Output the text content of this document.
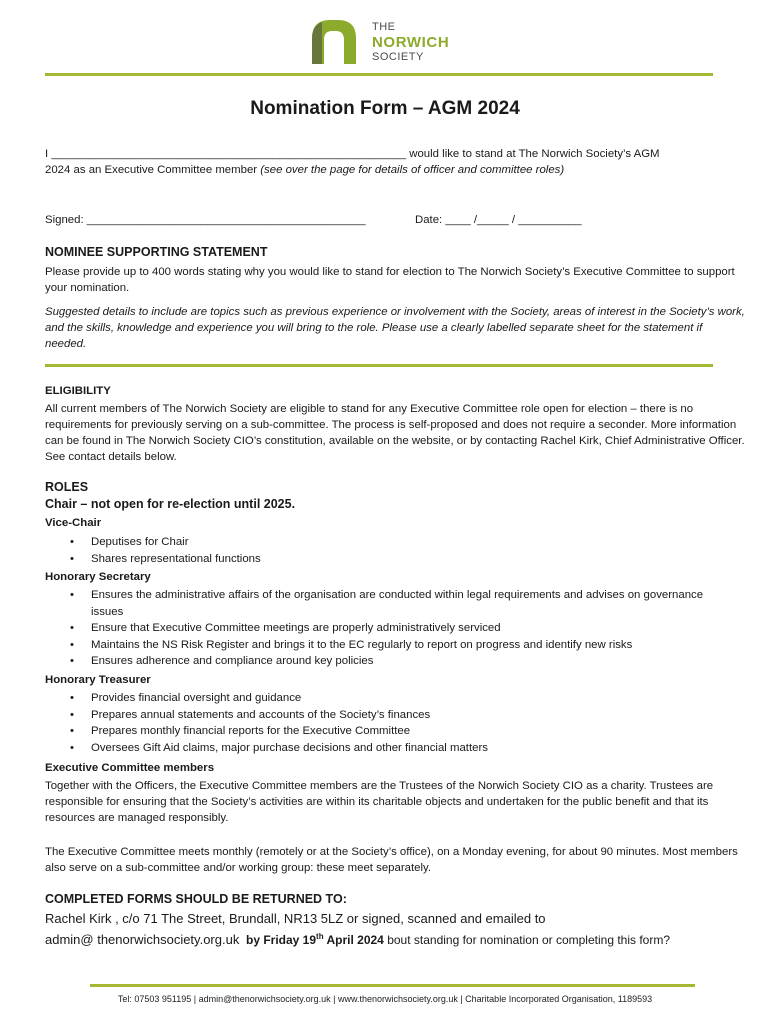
THE
NORWICH
SOCIETY
Nomination Form – AGM 2024

I ________________________________________________________ would like to stand at The Norwich Society’s AGM

2024 as an Executive Committee member (see over the page for details of officer and committee roles)

Signed: ____________________________________________	Date: ____ /_____ / __________

NOMINEE SUPPORTING STATEMENT

Please provide up to 400 words stating why you would like to stand for election to The Norwich Society’s Executive Committee to support your nomination.

Suggested details to include are topics such as previous experience or involvement with the Society, areas of interest in the Society’s work, and the skills, knowledge and experience you will bring to the role. Please use a clearly labelled separate sheet for the statement if needed.

ELIGIBILITY

All current members of The Norwich Society are eligible to stand for any Executive Committee role open for election – there is no requirements for previously serving on a sub-committee. The process is self-proposed and does not require a seconder. More information can be found in The Norwich Society CIO’s constitution, available on the website, or by contacting Rachel Kirk, Chief Administrative Officer. See contact details below.

ROLES
Chair – not open for re-election until 2025.
Vice-Chair
• Deputises for Chair
• Shares representational functions
Honorary Secretary
• Ensures the administrative affairs of the organisation are conducted within legal requirements and advises on governance issues
• Ensure that Executive Committee meetings are properly administratively serviced
• Maintains the NS Risk Register and brings it to the EC regularly to report on progress and identify new risks
• Ensures adherence and compliance around key policies
Honorary Treasurer
• Provides financial oversight and guidance
• Prepares annual statements and accounts of the Society’s finances
• Prepares monthly financial reports for the Executive Committee
• Oversees Gift Aid claims, major purchase decisions and other financial matters
Executive Committee members

Together with the Officers, the Executive Committee members are the Trustees of the Norwich Society CIO as a charity. Trustees are responsible for ensuring that the Society’s activities are within its charitable objects and undertaken for the public benefit and that its resources are managed responsibly.

The Executive Committee meets monthly (remotely or at the Society’s office), on a Monday evening, for about 90 minutes. Most members also serve on a sub-committee and/or working group: these meet separately.

COMPLETED FORMS SHOULD BE RETURNED TO:
Rachel Kirk , c/o 71 The Street, Brundall, NR13 5LZ or signed, scanned and emailed to
admin@ thenorwichsociety.org.uk by Friday 19th April 2024 bout standing for nomination or completing this form?
Tel: 07503 951195 | admin@thenorwichsociety.org.uk | www.thenorwichsociety.org.uk | Charitable Incorporated Organisation, 1189593
